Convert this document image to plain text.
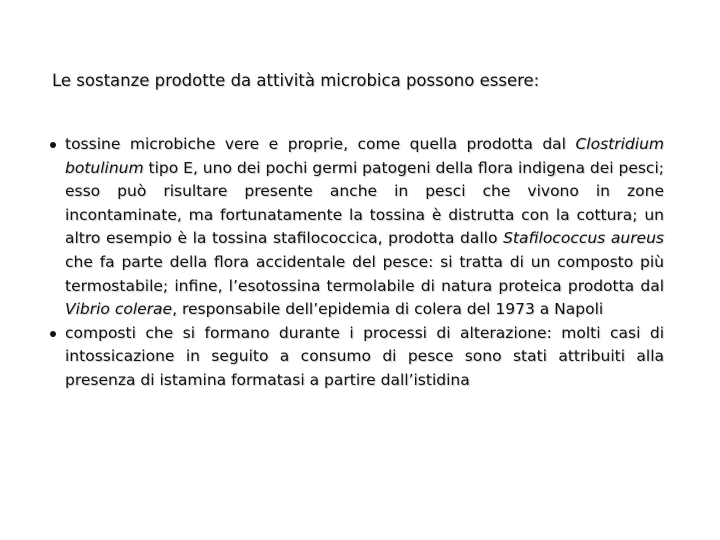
Le sostanze prodotte da attività microbica possono essere:
tossine microbiche vere e proprie, come quella prodotta dal Clostridium botulinum tipo E, uno dei pochi germi patogeni della flora indigena dei pesci; esso può risultare presente anche in pesci che vivono in zone incontaminate, ma fortunatamente la tossina è distrutta con la cottura; un altro esempio è la tossina stafilococcica, prodotta dallo Stafilococcus aureus che fa parte della flora accidentale del pesce: si tratta di un composto più termostabile; infine, l’esotossina termolabile di natura proteica prodotta dal Vibrio colerae, responsabile dell’epidemia di colera del 1973 a Napoli
composti che si formano durante i processi di alterazione: molti casi di intossicazione in seguito a consumo di pesce sono stati attribuiti alla presenza di istamina formatasi a partire dall’istidina
